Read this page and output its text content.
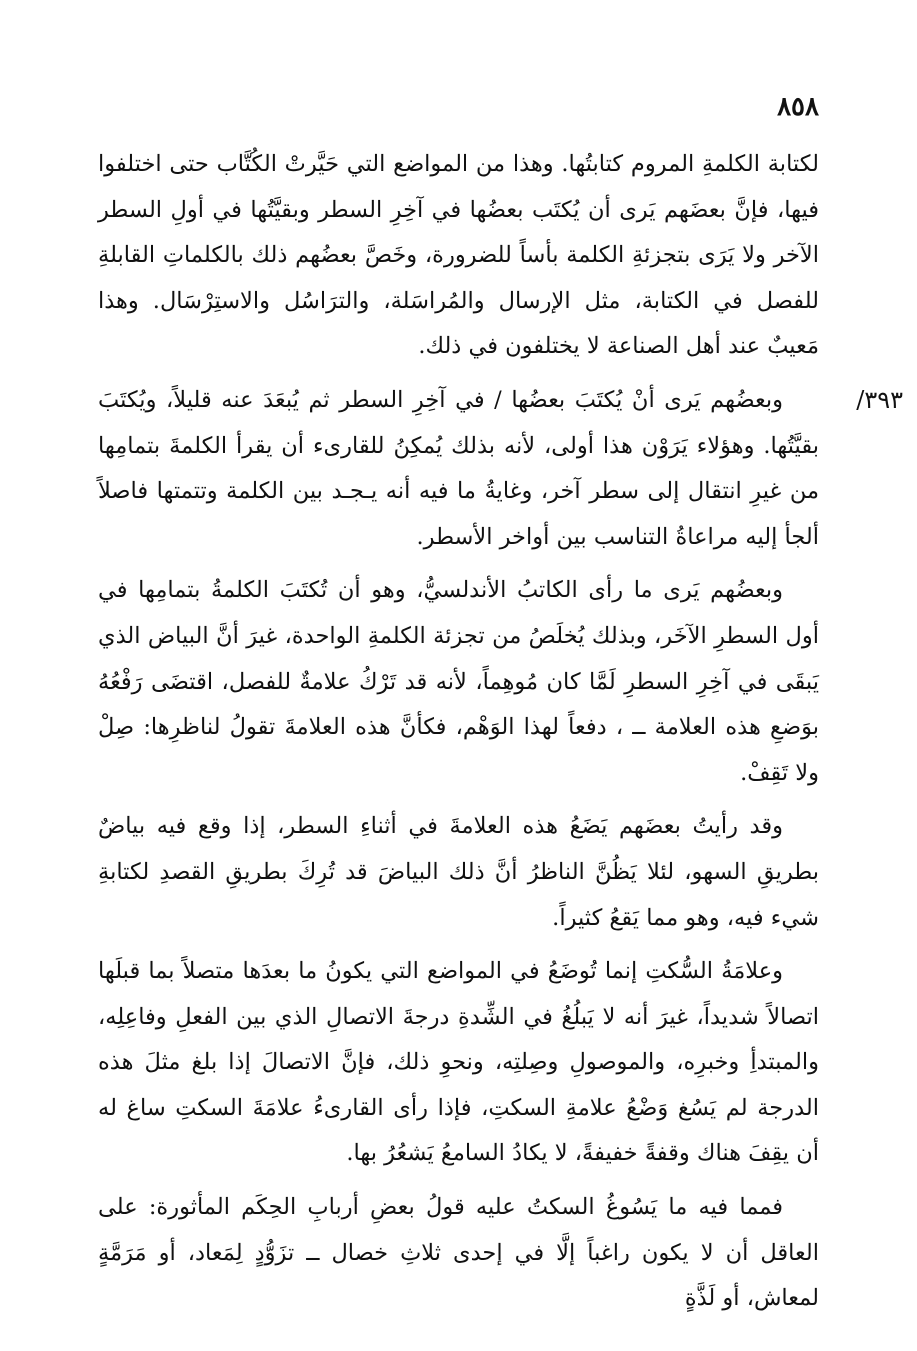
٨٥٨
٣٩٣/

لكتابة الكلمةِ المروم كتابتُها. وهذا من المواضع التي حَيَّرتْ الكُتَّاب حتى اختلفوا فيها، فإنَّ بعضَهم يَرى أن يُكتَب بعضُها في آخِرِ السطر وبقيَّتُها في أولِ السطر الآخر ولا يَرَى بتجزئةِ الكلمة بأساً للضرورة، وخَصَّ بعضُهم ذلك بالكلماتِ القابلةِ للفصل في الكتابة، مثل الإرسال والمُراسَلة، والترَاسُل والاستِرْسَال. وهذا مَعيبٌ عند أهل الصناعة لا يختلفون في ذلك.

وبعضُهم يَرى أنْ يُكتَبَ بعضُها / في آخِرِ السطر ثم يُبعَدَ عنه قليلاً، ويُكتَبَ بقيَّتُها. وهؤلاء يَرَوْن هذا أولى، لأنه بذلك يُمكِنُ للقارىء أن يقرأ الكلمةَ بتمامِها من غيرِ انتقال إلى سطر آخر، وغايةُ ما فيه أنه يـجـد بين الكلمة وتتمتها فاصلاً ألجأ إليه مراعاةُ التناسب بين أواخر الأسطر.

وبعضُهم يَرى ما رأى الكاتبُ الأندلسيُّ، وهو أن تُكتَبَ الكلمةُ بتمامِها في أول السطرِ الآخَر، وبذلك يُخلَصُ من تجزئة الكلمةِ الواحدة، غيرَ أنَّ البياض الذي يَبقَى في آخِرِ السطرِ لَمَّا كان مُوهِماً، لأنه قد تَرْكُ علامةٌ للفصل، اقتضَى رَفْعُهُ بوَضعِ هذه العلامة ــ ، دفعاً لهذا الوَهْم، فكأنَّ هذه العلامةَ تقولُ لناظرِها: صِلْ ولا تَقِفْ.

وقد رأيتُ بعضَهم يَضَعُ هذه العلامةَ في أثناءِ السطر، إذا وقع فيه بياضٌ بطريقِ السهو، لئلا يَظُنَّ الناظرُ أنَّ ذلك البياضَ قد تُرِكَ بطريقِ القصدِ لكتابةِ شيء فيه، وهو مما يَقعُ كثيراً.

وعلامَةُ السُّكتِ إنما تُوضَعُ في المواضع التي يكونُ ما بعدَها متصلاً بما قبلَها اتصالاً شديداً، غيرَ أنه لا يَبلُغُ في الشِّدةِ درجةَ الاتصالِ الذي بين الفعلِ وفاعِلِه، والمبتدأِ وخبرِه، والموصولِ وصِلتِه، ونحوِ ذلك، فإنَّ الاتصالَ إذا بلغ مثلَ هذه الدرجة لم يَسُغ وَضْعُ علامةِ السكتِ، فإذا رأى القارىءُ علامَةَ السكتِ ساغ له أن يقِفَ هناك وقفةً خفيفةً، لا يكادُ السامعُ يَشعُرُ بها.

فمما فيه ما يَسُوغُ السكتُ عليه قولُ بعضِ أربابِ الحِكَم المأثورة: على العاقل أن لا يكون راغباً إلَّا في إحدى ثلاثِ خصال ــ تزَوُّدٍ لِمَعاد، أو مَرَمَّةٍ لمعاش، أو لَذَّةٍ
